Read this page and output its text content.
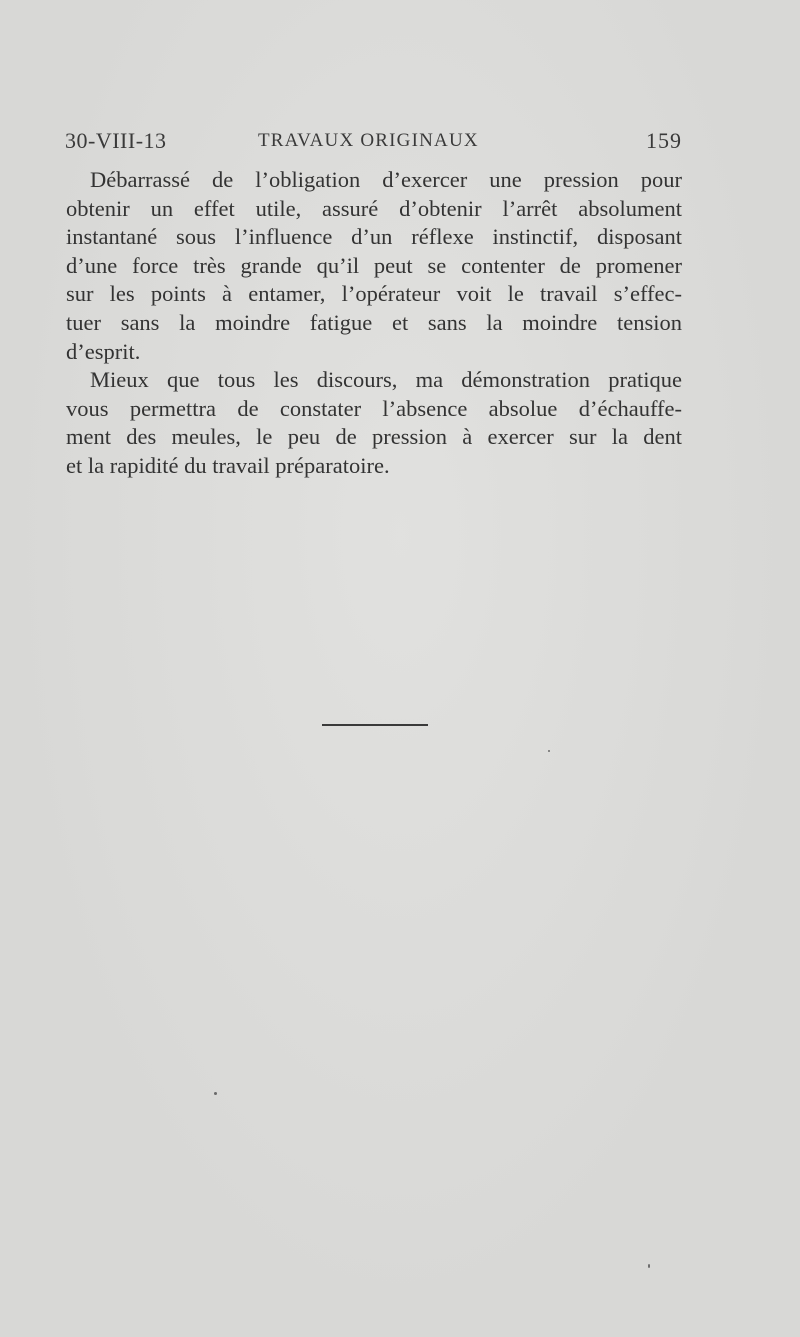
30-VIII-13	TRAVAUX ORIGINAUX	159
Débarrassé de l’obligation d’exercer une pression pour
obtenir un effet utile, assuré d’obtenir l’arrêt absolument
instantané sous l’influence d’un réflexe instinctif, disposant
d’une force très grande qu’il peut se contenter de promener
sur les points à entamer, l’opérateur voit le travail s’effec-
tuer sans la moindre fatigue et sans la moindre tension
d’esprit.
Mieux que tous les discours, ma démonstration pratique
vous permettra de constater l’absence absolue d’échauffe-
ment des meules, le peu de pression à exercer sur la dent
et la rapidité du travail préparatoire.
